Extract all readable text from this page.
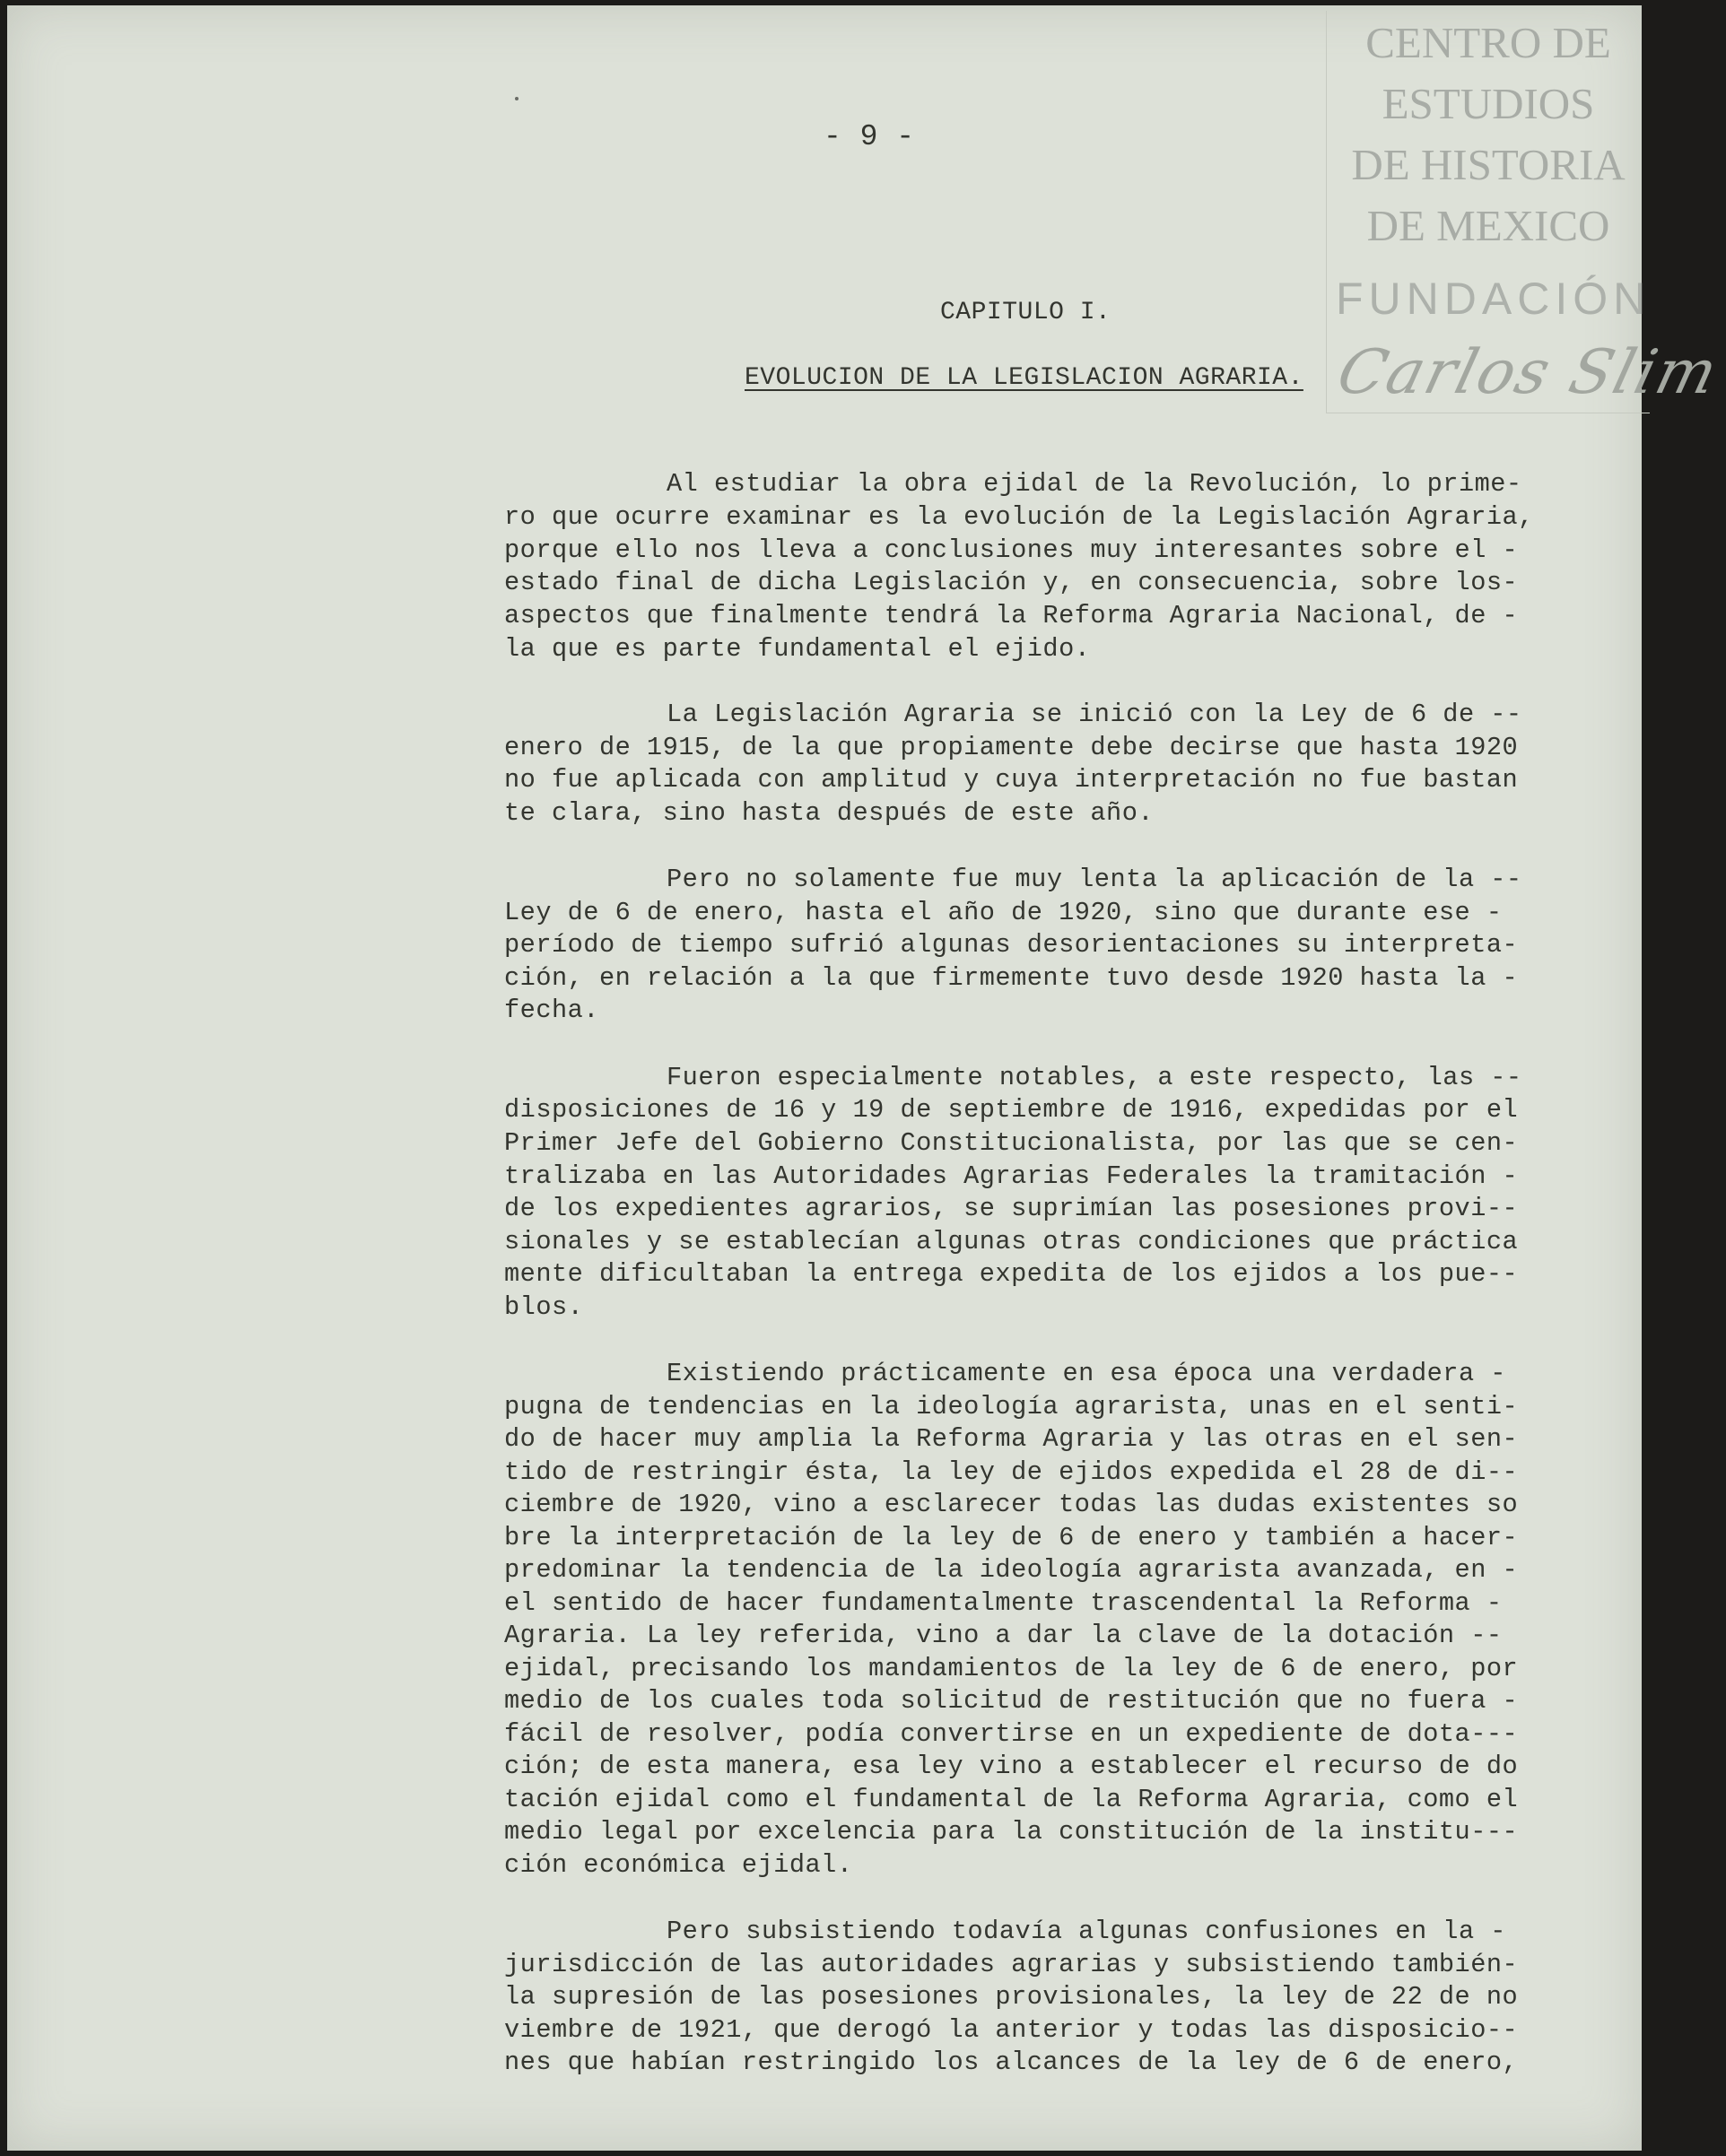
- 9 -
CAPITULO I.
EVOLUCION DE LA LEGISLACION AGRARIA.
Al estudiar la obra ejidal de la Revolución, lo prime-
ro que ocurre examinar es la evolución de la Legislación Agraria,
porque ello nos lleva a conclusiones muy interesantes sobre el -
estado final de dicha Legislación y, en consecuencia, sobre los-
aspectos que finalmente tendrá la Reforma Agraria Nacional, de -
la que es parte fundamental el ejido.
La Legislación Agraria se inició con la Ley de 6 de --
enero de 1915, de la que propiamente debe decirse que hasta 1920
no fue aplicada con amplitud y cuya interpretación no fue bastan
te clara, sino hasta después de este año.
Pero no solamente fue muy lenta la aplicación de la --
Ley de 6 de enero, hasta el año de 1920, sino que durante ese -
período de tiempo sufrió algunas desorientaciones su interpreta-
ción, en relación a la que firmemente tuvo desde 1920 hasta la -
fecha.
Fueron especialmente notables, a este respecto, las --
disposiciones de 16 y 19 de septiembre de 1916, expedidas por el
Primer Jefe del Gobierno Constitucionalista, por las que se cen-
tralizaba en las Autoridades Agrarias Federales la tramitación -
de los expedientes agrarios, se suprimían las posesiones provi--
sionales y se establecían algunas otras condiciones que práctica
mente dificultaban la entrega expedita de los ejidos a los pue--
blos.
Existiendo prácticamente en esa época una verdadera -
pugna de tendencias en la ideología agrarista, unas en el senti-
do de hacer muy amplia la Reforma Agraria y las otras en el sen-
tido de restringir ésta, la ley de ejidos expedida el 28 de di--
ciembre de 1920, vino a esclarecer todas las dudas existentes so
bre la interpretación de la ley de 6 de enero y también a hacer-
predominar la tendencia de la ideología agrarista avanzada, en -
el sentido de hacer fundamentalmente trascendental la Reforma -
Agraria. La ley referida, vino a dar la clave de la dotación --
ejidal, precisando los mandamientos de la ley de 6 de enero, por
medio de los cuales toda solicitud de restitución que no fuera -
fácil de resolver, podía convertirse en un expediente de dota---
ción; de esta manera, esa ley vino a establecer el recurso de do
tación ejidal como el fundamental de la Reforma Agraria, como el
medio legal por excelencia para la constitución de la institu---
ción económica ejidal.
Pero subsistiendo todavía algunas confusiones en la -
jurisdicción de las autoridades agrarias y subsistiendo también-
la supresión de las posesiones provisionales, la ley de 22 de no
viembre de 1921, que derogó la anterior y todas las disposicio--
nes que habían restringido los alcances de la ley de 6 de enero,
CENTRO DE
ESTUDIOS
DE HISTORIA
DE MEXICO
FUNDACIÓN
Carlos Slim
